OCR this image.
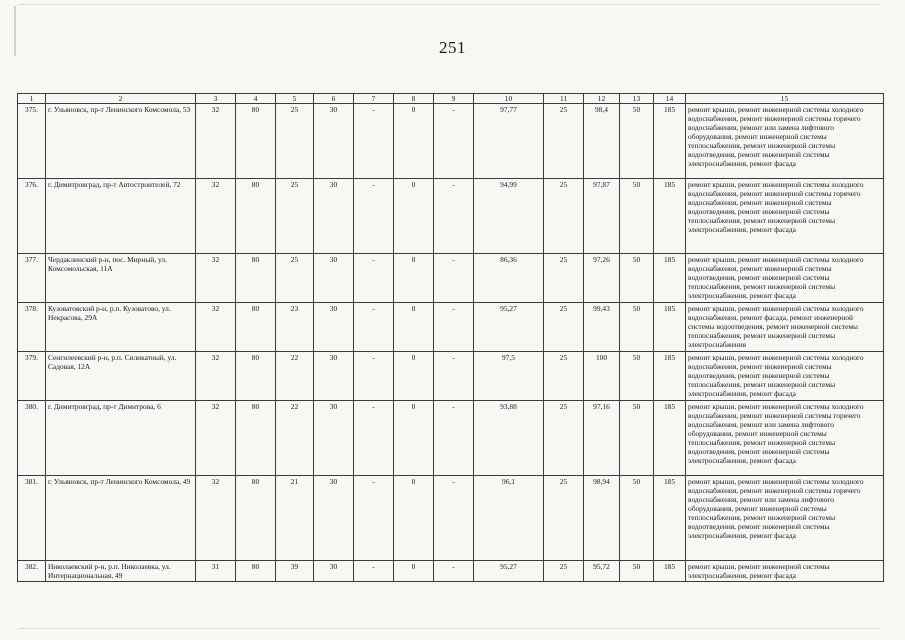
251
1	2	3	4	5	6	7	8	9	10	11	12	13	14	15
375.	г. Ульяновск, пр-т Ленинского Комсомола, 53	32	80	25	30	-	0	-	97,77	25	98,4	50	185	ремонт крыши, ремонт инженерной системы холодного водоснабжения, ремонт инженерной системы горячего водоснабжения, ремонт или замена лифтового оборудования, ремонт инженерной системы теплоснабжения, ремонт инженерной системы водоотведения, ремонт инженерной системы электроснабжения, ремонт фасада
376.	г. Димитровград, пр-т Автостроителей, 72	32	80	25	30	-	0	-	94,99	25	97,87	50	185	ремонт крыши, ремонт инженерной системы холодного водоснабжения, ремонт инженерной системы горячего водоснабжения, ремонт инженерной системы водоотведения, ремонт инженерной системы теплоснабжения, ремонт инженерной системы электроснабжения, ремонт фасада
377.	Чердаклинский р-н, пос. Мирный, ул. Комсомольская, 11А	32	80	25	30	-	0	-	86,36	25	97,26	50	185	ремонт крыши, ремонт инженерной системы холодного водоснабжения, ремонт инженерной системы водоотведения, ремонт инженерной системы теплоснабжения, ремонт инженерной системы электроснабжения, ремонт фасада
378.	Кузоватовский р-н, р.п. Кузоватово, ул. Некрасова, 29А	32	80	23	30	-	0	-	95,27	25	99,43	50	185	ремонт крыши, ремонт инженерной системы холодного водоснабжения, ремонт фасада, ремонт инженерной системы водоотведения, ремонт инженерной системы теплоснабжения, ремонт инженерной системы электроснабжения
379.	Сенгилеевский р-н, р.п. Силикатный, ул. Садовая, 12А	32	80	22	30	-	0	-	97,5	25	100	50	185	ремонт крыши, ремонт инженерной системы холодного водоснабжения, ремонт инженерной системы водоотведения, ремонт инженерной системы теплоснабжения, ремонт инженерной системы электроснабжения, ремонт фасада
380.	г. Димитровград, пр-т Димитрова, 6	32	80	22	30	-	0	-	93,88	25	97,16	50	185	ремонт крыши, ремонт инженерной системы холодного водоснабжения, ремонт инженерной системы горячего водоснабжения, ремонт или замена лифтового оборудования, ремонт инженерной системы теплоснабжения, ремонт инженерной системы водоотведения, ремонт инженерной системы электроснабжения, ремонт фасада
381.	г. Ульяновск, пр-т Ленинского Комсомола, 49	32	80	21	30	-	0	-	96,1	25	98,94	50	185	ремонт крыши, ремонт инженерной системы холодного водоснабжения, ремонт инженерной системы горячего водоснабжения, ремонт или замена лифтового оборудования, ремонт инженерной системы теплоснабжения, ремонт инженерной системы водоотведения, ремонт инженерной системы электроснабжения, ремонт фасада
382.	Николаевский р-н, р.п. Николаевка, ул. Интернациональная, 49	31	80	39	30	-	0	-	95,27	25	95,72	50	185	ремонт крыши, ремонт инженерной системы электроснабжения, ремонт фасада
